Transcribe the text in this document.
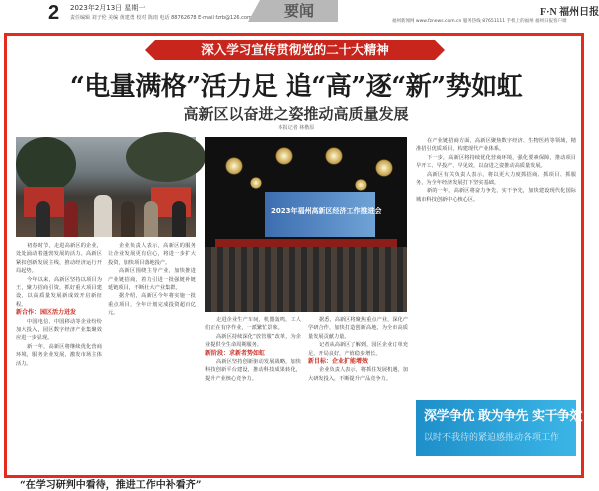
2 2023年2月13日 星期一
责任编辑 刘子伦 美编 黄建勇 校对 陈雨 电话 88762678 E-mail fzrb@126.com	要闻
福州新闻网 www.fznews.com.cn 服务热线 87651111 手机上的福州 福州日报客户端
F·N 福州日报
深入学习宣传贯彻党的二十大精神
“电量满格”活力足 追“高”逐“新”势如虹
高新区以奋进之姿推动高质量发展
本报记者 林楷原
2023年福州高新区经济工作推进会

初春时节，走进高新区的企业，处处涌动着蓬勃发展的活力。高新区紧扣创新发展主线，推动经济运行开局起势。

今年以来，高新区坚持以项目为王，聚力招商引资，抓好重大项目建设，以高质量发展新成效开启新征程。

新合作：园区活力迸发

中国电信、中国移动等企业纷纷加大投入，园区数字经济产业集聚效应进一步显现。

新一年，高新区将继续优化营商环境，服务企业发展，激发市场主体活力。

企业负责人表示，高新区的服务让企业发展更有信心，将进一步扩大投资，加快项目落地投产。

高新区围绕主导产业，加快推进产业链招商，着力引进一批强链补链延链项目，不断壮大产业集群。

据介绍，高新区今年将实施一批重点项目，全年计划完成投资超百亿元。

走进企业生产车间，机器轰鸣，工人们正在有序作业，一派繁忙景象。

高新区持续深化“放管服”改革，为企业提供全生命周期服务。

新阶段：求新者势如虹

高新区坚持创新驱动发展战略，加快科技创新平台建设，推动科技成果转化，提升产业核心竞争力。

据悉，高新区将聚焦重点产业，深化产学研合作，加快打造创新高地，为全市高质量发展贡献力量。

记者从高新区了解到，园区企业订单充足，开局良好，产值稳步增长。

新目标：企业扩能增效

企业负责人表示，将抓住发展机遇，加大研发投入，不断提升产品竞争力。

在产业链招商方面，高新区聚焦数字经济、生物医药等领域，精准招引优质项目，构建现代产业体系。

下一步，高新区将持续优化营商环境，强化要素保障，推动项目早开工、早投产、早见效，以奋进之姿推动高质量发展。

高新区有关负责人表示，将以更大力度抓招商、抓项目、抓服务，为全年经济发展打下坚实基础。

新的一年，高新区将奋力争先，实干争先，加快建设现代化国际城市科技创新中心核心区。

深学争优 敢为争先 实干争效
以时不我待的紧迫感推动各项工作
“在学习研判中看待，推进工作中补看齐”
